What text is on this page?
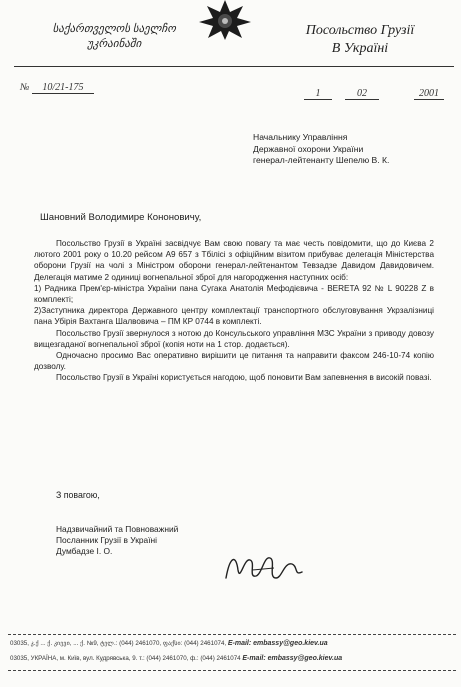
საქართველოს საელჩო
უკრაინაში
Посольство Грузії
В Україні
№ 10/21-175
1	02	2001
Начальнику Управління
Державної охорони України
генерал-лейтенанту Шепелю В. К.
Шановний Володимире Кононовичу,

Посольство Грузії в Україні засвідчує Вам свою повагу та має честь повідомити, що до Києва 2 лютого 2001 року о 10.20 рейсом А9 657 з Тбілісі з офіційним візитом прибуває делегація Міністерства оборони Грузії на чолі з Міністром оборони генерал-лейтенантом Тевзадзе Давидом Давидовичем. Делегація матиме 2 одиниці вогнепальної зброї для нагородження наступних осіб:

1) Радника Прем'єр-міністра України пана Сугака Анатолія Мефодієвича - BERETA 92 № L 90228 Z в комплекті;

2)Заступника директора Державного центру комплектації транспортного обслуговування Укрзалізниці пана Убірія Вахтанга Шалвовича – ПМ КР 0744 в комплекті.

Посольство Грузії звернулося з нотою до Консульського управління МЗС України з приводу довозу вищезгаданої вогнепальної зброї (копія ноти на 1 стор. додається).

Одночасно просимо Вас оперативно вирішити це питання та направити факсом 246-10-74 копію дозволу.

Посольство Грузії в Україні користується нагодою, щоб поновити Вам запевнення в високій повазі.

З повагою,
Надзвичайний та Повноважний
Посланник Грузії в Україні
Думбадзе І. О.
03035, კ.ქ ... ქ. კიევი, ... ქ. №9, ტელ.: (044) 2461070, ფაქსი: (044) 2461074, E-mail: embassy@geo.kiev.ua
03035, УКРАЇНА, м. Київ, вул. Кудрявська, 9. т.: (044) 2461070, ф.: (044) 2461074 E-mail: embassy@geo.kiev.ua
